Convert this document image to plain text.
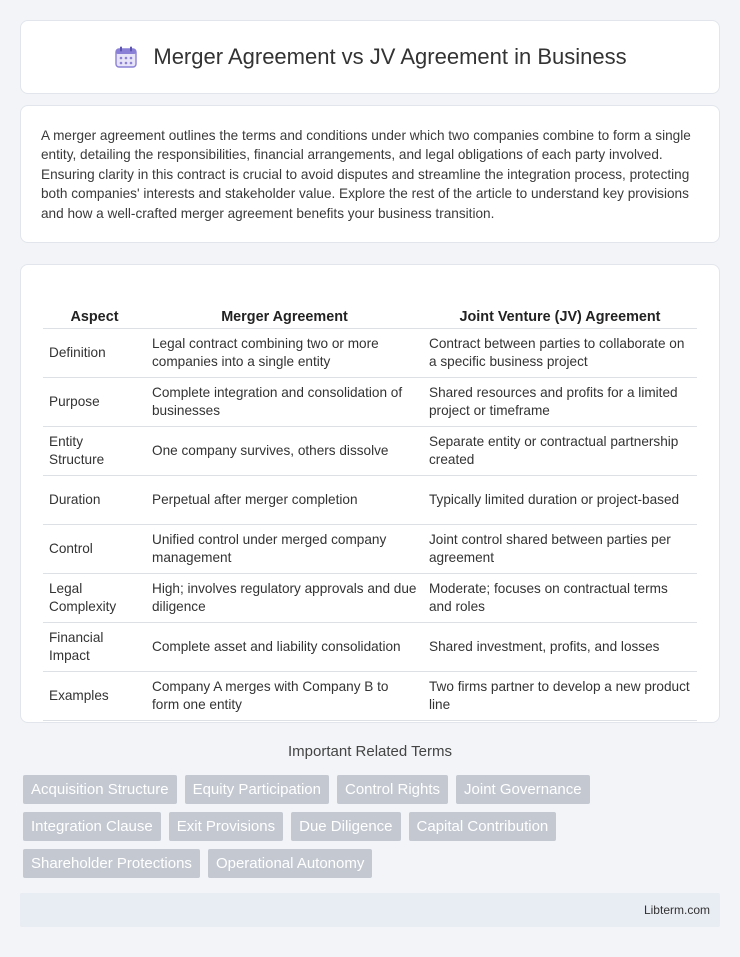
Merger Agreement vs JV Agreement in Business

A merger agreement outlines the terms and conditions under which two companies combine to form a single entity, detailing the responsibilities, financial arrangements, and legal obligations of each party involved. Ensuring clarity in this contract is crucial to avoid disputes and streamline the integration process, protecting both companies' interests and stakeholder value. Explore the rest of the article to understand key provisions and how a well-crafted merger agreement benefits your business transition.

Aspect	Merger Agreement	Joint Venture (JV) Agreement
Definition	Legal contract combining two or more companies into a single entity	Contract between parties to collaborate on a specific business project
Purpose	Complete integration and consolidation of businesses	Shared resources and profits for a limited project or timeframe
Entity Structure	One company survives, others dissolve	Separate entity or contractual partnership created
Duration	Perpetual after merger completion	Typically limited duration or project-based
Control	Unified control under merged company management	Joint control shared between parties per agreement
Legal Complexity	High; involves regulatory approvals and due diligence	Moderate; focuses on contractual terms and roles
Financial Impact	Complete asset and liability consolidation	Shared investment, profits, and losses
Examples	Company A merges with Company B to form one entity	Two firms partner to develop a new product line
Important Related Terms
Acquisition Structure	Equity Participation	Control Rights	Joint Governance
Integration Clause	Exit Provisions	Due Diligence	Capital Contribution
Shareholder Protections	Operational Autonomy
Libterm.com
